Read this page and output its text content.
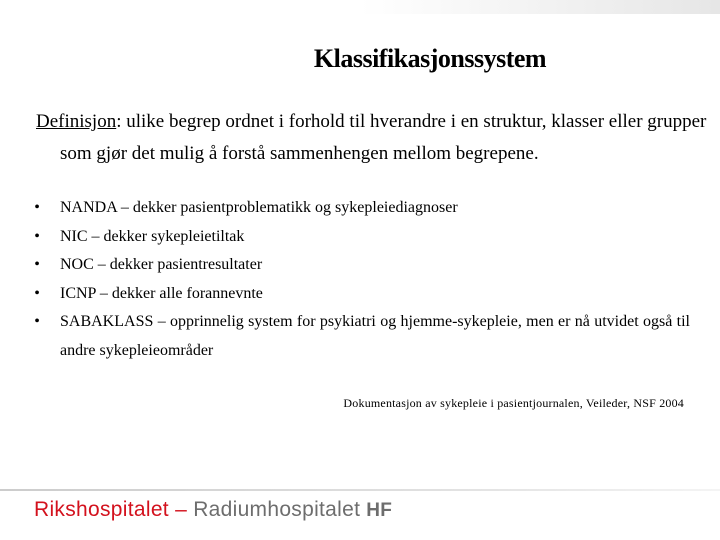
Klassifikasjonssystem
Definisjon: ulike begrep ordnet i forhold til hverandre i en struktur, klasser eller grupper som gjør det mulig å forstå sammenhengen mellom begrepene.
• NANDA – dekker pasientproblematikk og sykepleiediagnoser
• NIC – dekker sykepleietiltak
• NOC – dekker pasientresultater
• ICNP – dekker alle forannevnte
• SABAKLASS – opprinnelig system for psykiatri og hjemme-sykepleie, men er nå utvidet også til andre sykepleieområder
Dokumentasjon av sykepleie i pasientjournalen, Veileder, NSF 2004
Rikshospitalet – Radiumhospitalet HF
